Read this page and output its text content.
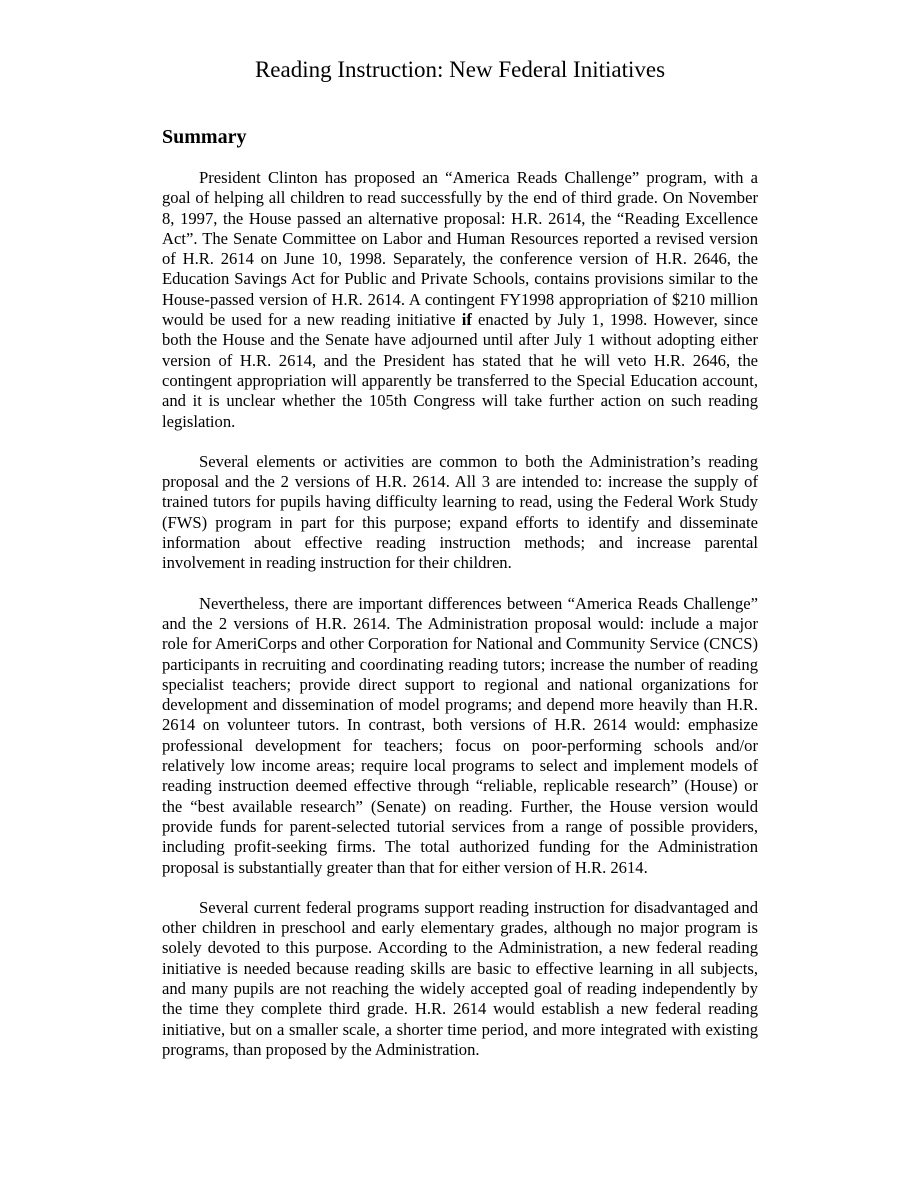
Reading Instruction: New Federal Initiatives
Summary

President Clinton has proposed an “America Reads Challenge” program, with a goal of helping all children to read successfully by the end of third grade. On November 8, 1997, the House passed an alternative proposal: H.R. 2614, the “Reading Excellence Act”. The Senate Committee on Labor and Human Resources reported a revised version of H.R. 2614 on June 10, 1998. Separately, the conference version of H.R. 2646, the Education Savings Act for Public and Private Schools, contains provisions similar to the House-passed version of H.R. 2614. A contingent FY1998 appropriation of $210 million would be used for a new reading initiative if enacted by July 1, 1998. However, since both the House and the Senate have adjourned until after July 1 without adopting either version of H.R. 2614, and the President has stated that he will veto H.R. 2646, the contingent appropriation will apparently be transferred to the Special Education account, and it is unclear whether the 105th Congress will take further action on such reading legislation.

Several elements or activities are common to both the Administration’s reading proposal and the 2 versions of H.R. 2614. All 3 are intended to: increase the supply of trained tutors for pupils having difficulty learning to read, using the Federal Work Study (FWS) program in part for this purpose; expand efforts to identify and disseminate information about effective reading instruction methods; and increase parental involvement in reading instruction for their children.

Nevertheless, there are important differences between “America Reads Challenge” and the 2 versions of H.R. 2614. The Administration proposal would: include a major role for AmeriCorps and other Corporation for National and Community Service (CNCS) participants in recruiting and coordinating reading tutors; increase the number of reading specialist teachers; provide direct support to regional and national organizations for development and dissemination of model programs; and depend more heavily than H.R. 2614 on volunteer tutors. In contrast, both versions of H.R. 2614 would: emphasize professional development for teachers; focus on poor-performing schools and/or relatively low income areas; require local programs to select and implement models of reading instruction deemed effective through “reliable, replicable research” (House) or the “best available research” (Senate) on reading. Further, the House version would provide funds for parent-selected tutorial services from a range of possible providers, including profit-seeking firms. The total authorized funding for the Administration proposal is substantially greater than that for either version of H.R. 2614.

Several current federal programs support reading instruction for disadvantaged and other children in preschool and early elementary grades, although no major program is solely devoted to this purpose. According to the Administration, a new federal reading initiative is needed because reading skills are basic to effective learning in all subjects, and many pupils are not reaching the widely accepted goal of reading independently by the time they complete third grade. H.R. 2614 would establish a new federal reading initiative, but on a smaller scale, a shorter time period, and more integrated with existing programs, than proposed by the Administration.
